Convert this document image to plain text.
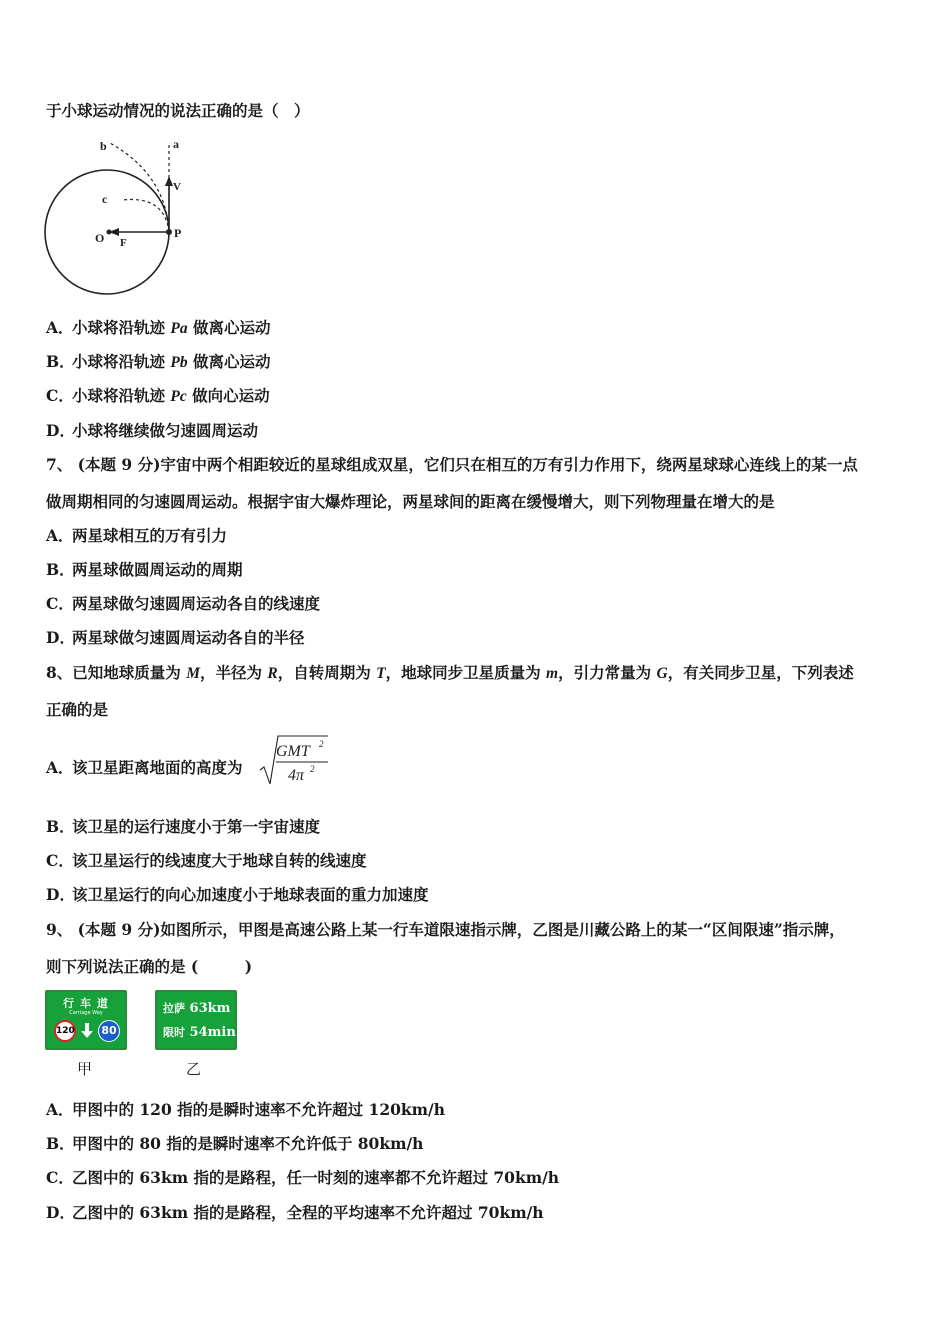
于小球运动情况的说法正确的是（　）
a
b
c
V
O F
P
A．小球将沿轨迹 Pa 做离心运动
B．小球将沿轨迹 Pb 做离心运动
C．小球将沿轨迹 Pc 做向心运动
D．小球将继续做匀速圆周运动
7、 (本题 9 分)宇宙中两个相距较近的星球组成双星，它们只在相互的万有引力作用下，绕两星球球心连线上的某一点
做周期相同的匀速圆周运动。根据宇宙大爆炸理论，两星球间的距离在缓慢增大，则下列物理量在增大的是
A．两星球相互的万有引力
B．两星球做圆周运动的周期
C．两星球做匀速圆周运动各自的线速度
D．两星球做匀速圆周运动各自的半径
8、已知地球质量为 M，半径为 R，自转周期为 T，地球同步卫星质量为 m，引力常量为 G，有关同步卫星，下列表述
正确的是
A．该卫星距离地面的高度为
GMT 2
4π 2
B．该卫星的运行速度小于第一宇宙速度
C．该卫星运行的线速度大于地球自转的线速度
D．该卫星运行的向心加速度小于地球表面的重力加速度
9、 (本题 9 分)如图所示，甲图是高速公路上某一行车道限速指示牌，乙图是川藏公路上的某一“区间限速”指示牌，
则下列说法正确的是 (　　　)
行 车 道
Carriage Way
120	80
甲
拉萨 63km
限时 54min
乙
A．甲图中的 120 指的是瞬时速率不允许超过 120km/h
B．甲图中的 80 指的是瞬时速率不允许低于 80km/h
C．乙图中的 63km 指的是路程，任一时刻的速率都不允许超过 70km/h
D．乙图中的 63km 指的是路程，全程的平均速率不允许超过 70km/h
